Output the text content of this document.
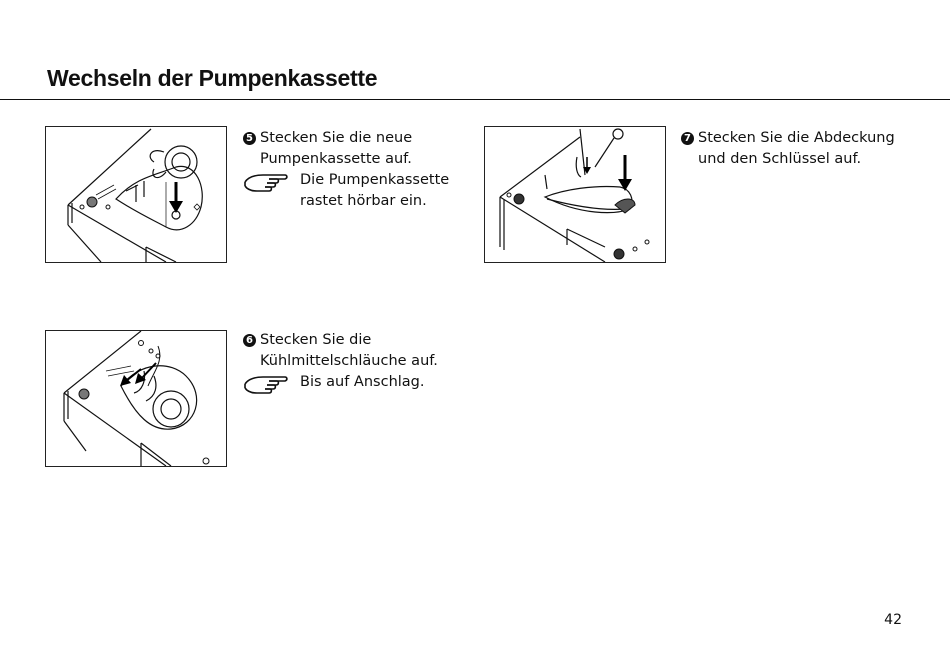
Wechseln der Pumpenkassette
5 Stecken Sie die neue
Pumpenkassette auf.
Die Pumpenkassette
rastet hörbar ein.
7 Stecken Sie die Abdeckung
und den Schlüssel auf.
6 Stecken Sie die
Kühlmittelschläuche auf.
Bis auf Anschlag.
42
